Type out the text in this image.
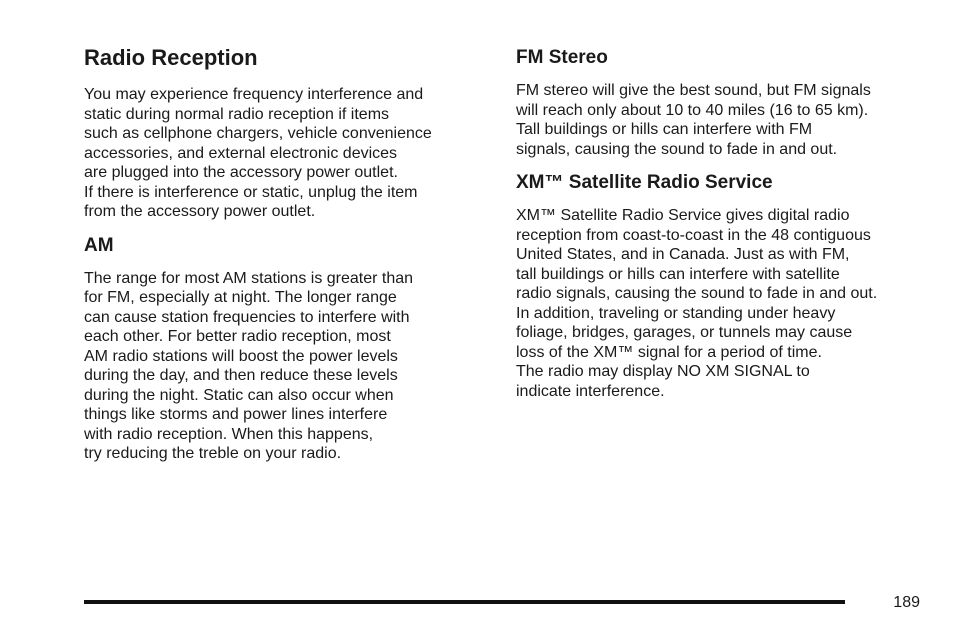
Radio Reception

You may experience frequency interference and
static during normal radio reception if items
such as cellphone chargers, vehicle convenience
accessories, and external electronic devices
are plugged into the accessory power outlet.
If there is interference or static, unplug the item
from the accessory power outlet.

AM

The range for most AM stations is greater than
for FM, especially at night. The longer range
can cause station frequencies to interfere with
each other. For better radio reception, most
AM radio stations will boost the power levels
during the day, and then reduce these levels
during the night. Static can also occur when
things like storms and power lines interfere
with radio reception. When this happens,
try reducing the treble on your radio.

FM Stereo

FM stereo will give the best sound, but FM signals
will reach only about 10 to 40 miles (16 to 65 km).
Tall buildings or hills can interfere with FM
signals, causing the sound to fade in and out.

XM™ Satellite Radio Service

XM™ Satellite Radio Service gives digital radio
reception from coast-to-coast in the 48 contiguous
United States, and in Canada. Just as with FM,
tall buildings or hills can interfere with satellite
radio signals, causing the sound to fade in and out.
In addition, traveling or standing under heavy
foliage, bridges, garages, or tunnels may cause
loss of the XM™ signal for a period of time.
The radio may display NO XM SIGNAL to
indicate interference.

189
